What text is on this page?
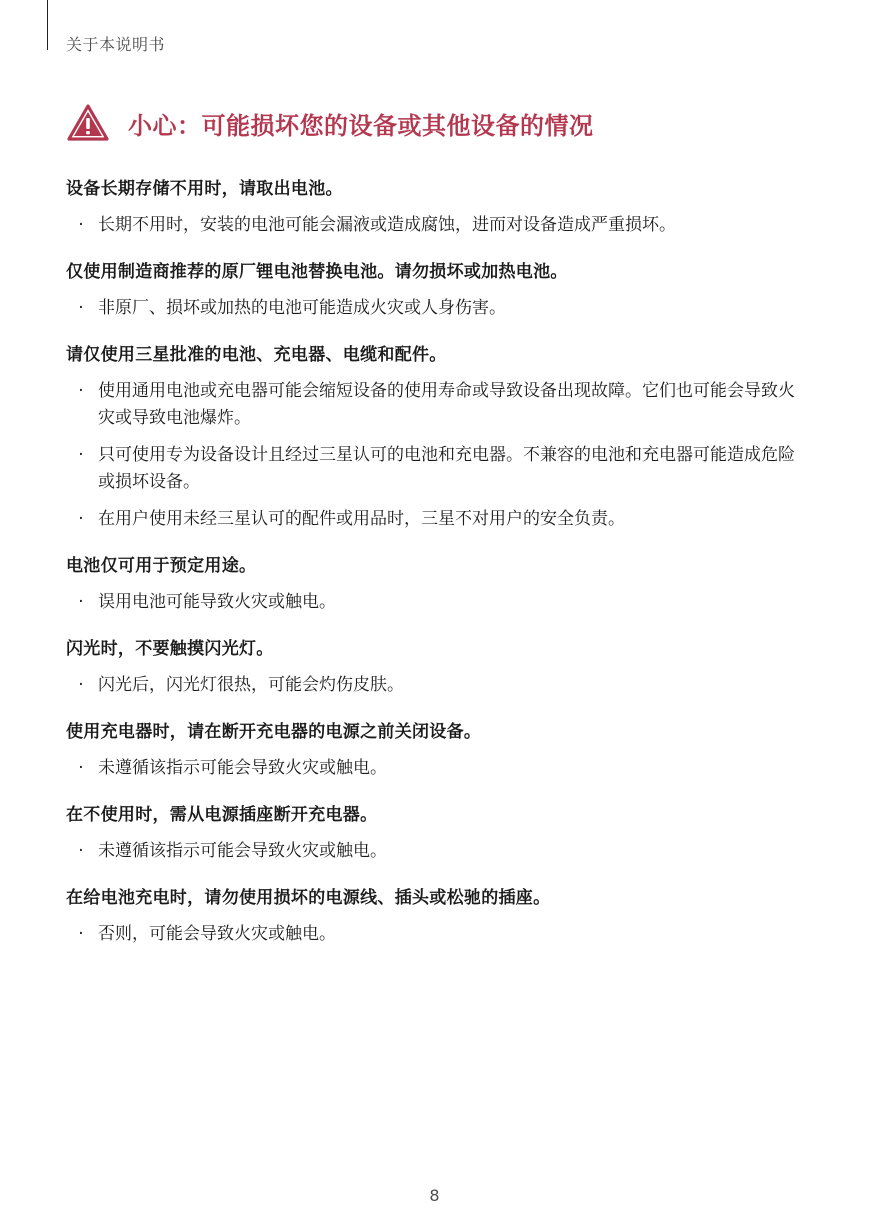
关于本说明书
小心：可能损坏您的设备或其他设备的情况
设备长期存储不用时，请取出电池。
· 长期不用时，安装的电池可能会漏液或造成腐蚀，进而对设备造成严重损坏。
仅使用制造商推荐的原厂锂电池替换电池。请勿损坏或加热电池。
· 非原厂、损坏或加热的电池可能造成火灾或人身伤害。
请仅使用三星批准的电池、充电器、电缆和配件。
· 使用通用电池或充电器可能会缩短设备的使用寿命或导致设备出现故障。它们也可能会导致火灾或导致电池爆炸。
· 只可使用专为设备设计且经过三星认可的电池和充电器。不兼容的电池和充电器可能造成危险或损坏设备。
· 在用户使用未经三星认可的配件或用品时，三星不对用户的安全负责。
电池仅可用于预定用途。
· 误用电池可能导致火灾或触电。
闪光时，不要触摸闪光灯。
· 闪光后，闪光灯很热，可能会灼伤皮肤。
使用充电器时，请在断开充电器的电源之前关闭设备。
· 未遵循该指示可能会导致火灾或触电。
在不使用时，需从电源插座断开充电器。
· 未遵循该指示可能会导致火灾或触电。
在给电池充电时，请勿使用损坏的电源线、插头或松驰的插座。
· 否则，可能会导致火灾或触电。
8
